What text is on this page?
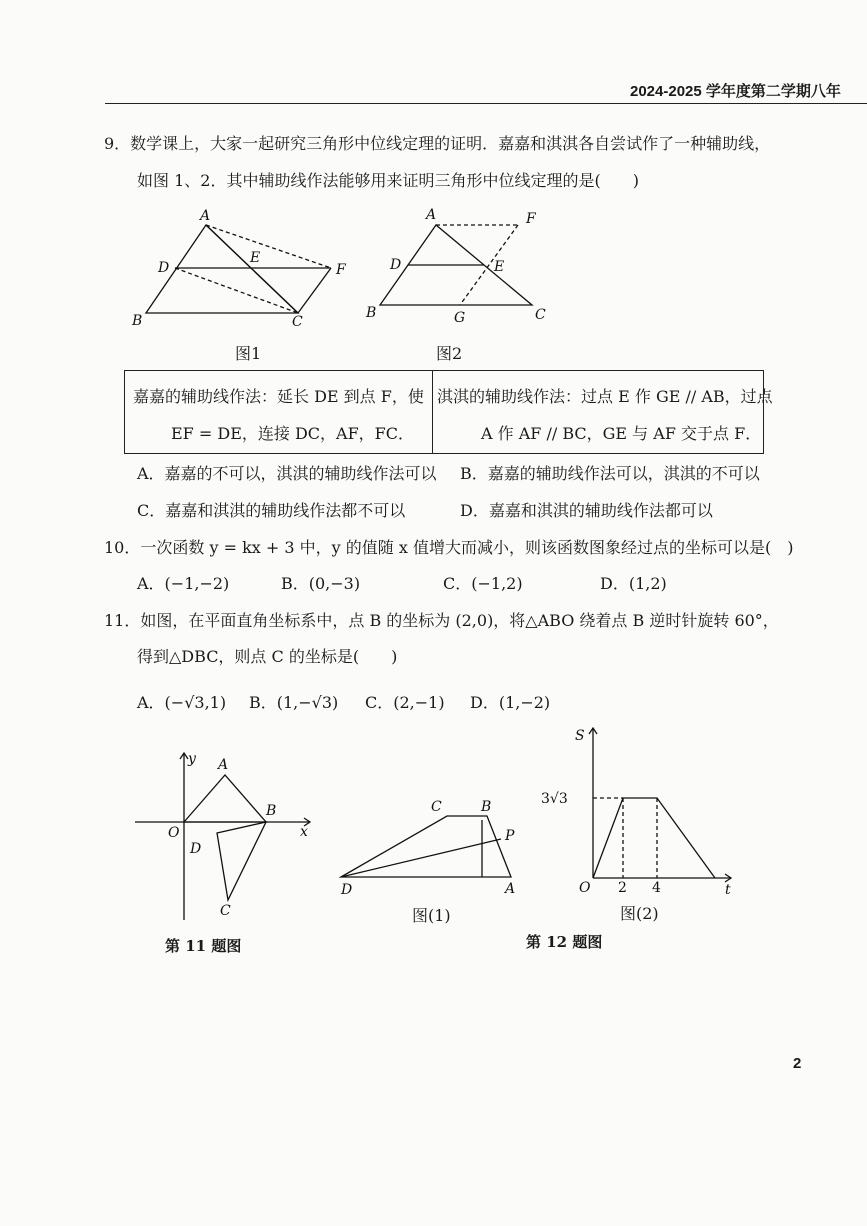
2024-2025 学年度第二学期八年
9．数学课上，大家一起研究三角形中位线定理的证明．嘉嘉和淇淇各自尝试作了一种辅助线，
如图 1、2．其中辅助线作法能够用来证明三角形中位线定理的是(　　)
A
D
E
F
B	C
图1
A	F
D	E
B	G	C
图2
嘉嘉的辅助线作法：延长 DE 到点 F，使
EF = DE，连接 DC，AF，FC．
淇淇的辅助线作法：过点 E 作 GE // AB，过点
A 作 AF // BC，GE 与 AF 交于点 F．
A．嘉嘉的不可以，淇淇的辅助线作法可以 B．嘉嘉的辅助线作法可以，淇淇的不可以
C．嘉嘉和淇淇的辅助线作法都不可以	D．嘉嘉和淇淇的辅助线作法都可以
10．一次函数 y = kx + 3 中，y 的值随 x 值增大而减小，则该函数图象经过点的坐标可以是(　)
A．(−1,−2)	B．(0,−3)	C．(−1,2)	D．(1,2)
11．如图，在平面直角坐标系中，点 B 的坐标为 (2,0)，将△ABO 绕着点 B 逆时针旋转 60°，
得到△DBC，则点 C 的坐标是(　　)
A．(−√3,1) B．(1,−√3) C．(2,−1) D．(1,−2)
y A
O
B
x
D
C
第 11 题图
C	B
P
D	A
图(1)
S
3√3
O 2 4	t
图(2)
第 12 题图
2
